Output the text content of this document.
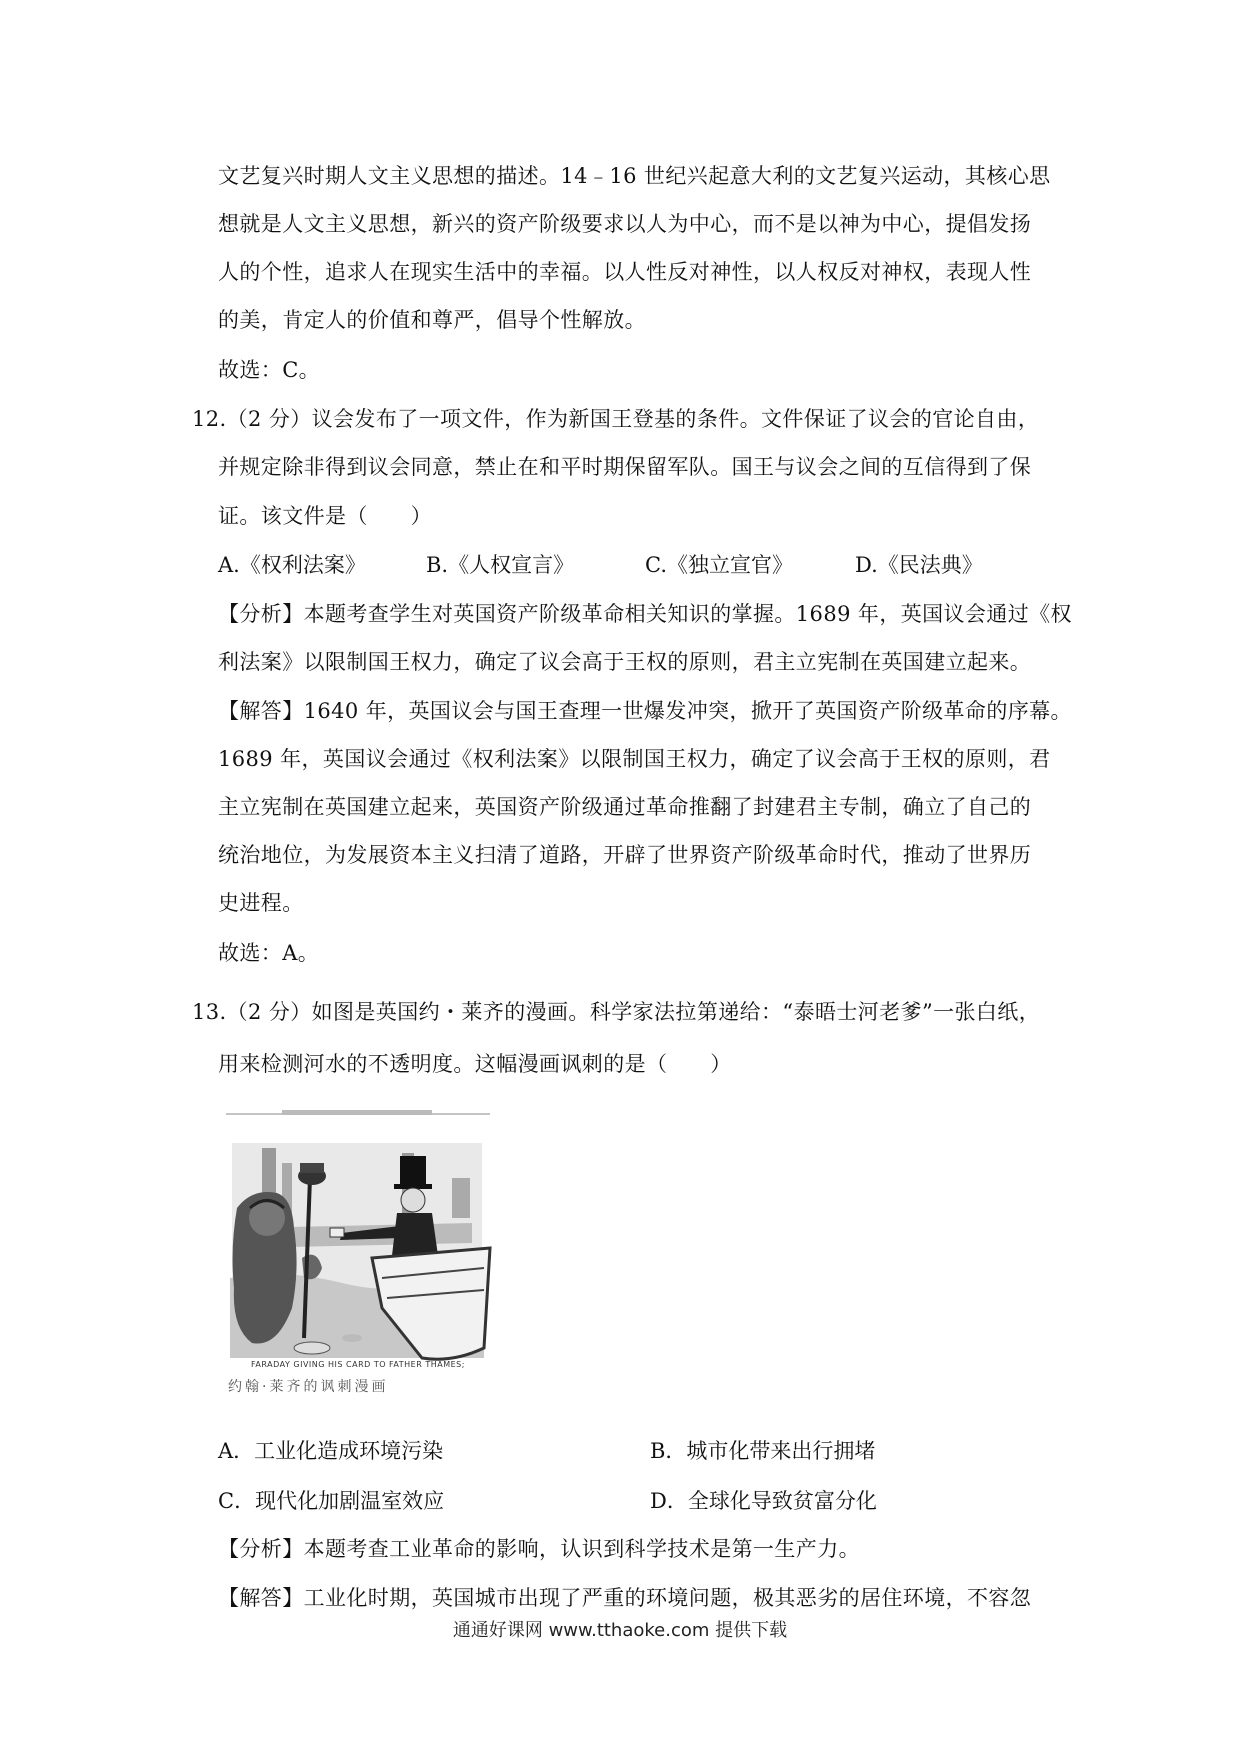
文艺复兴时期人文主义思想的描述。14﹣16 世纪兴起意大利的文艺复兴运动，其核心思
想就是人文主义思想，新兴的资产阶级要求以人为中心，而不是以神为中心，提倡发扬
人的个性，追求人在现实生活中的幸福。以人性反对神性，以人权反对神权，表现人性
的美，肯定人的价值和尊严，倡导个性解放。
故选：C。
12.（2 分）议会发布了一项文件，作为新国王登基的条件。文件保证了议会的官论自由，
并规定除非得到议会同意，禁止在和平时期保留军队。国王与议会之间的互信得到了保
证。该文件是（　　）
A.《权利法案》	B.《人权宣言》	C.《独立宣官》	D.《民法典》
【分析】本题考查学生对英国资产阶级革命相关知识的掌握。1689 年，英国议会通过《权
利法案》以限制国王权力，确定了议会高于王权的原则，君主立宪制在英国建立起来。
【解答】1640 年，英国议会与国王查理一世爆发冲突，掀开了英国资产阶级革命的序幕。
1689 年，英国议会通过《权利法案》以限制国王权力，确定了议会高于王权的原则，君
主立宪制在英国建立起来，英国资产阶级通过革命推翻了封建君主专制，确立了自己的
统治地位，为发展资本主义扫清了道路，开辟了世界资产阶级革命时代，推动了世界历
史进程。
故选：A。
13.（2 分）如图是英国约・莱齐的漫画。科学家法拉第递给：“泰晤士河老爹”一张白纸，
用来检测河水的不透明度。这幅漫画讽刺的是（　　）
FARADAY GIVING HIS CARD TO FATHER THAMES;
约翰·莱齐的讽刺漫画
A．工业化造成环境污染	B．城市化带来出行拥堵
C．现代化加剧温室效应	D．全球化导致贫富分化
【分析】本题考查工业革命的影响，认识到科学技术是第一生产力。
【解答】工业化时期，英国城市出现了严重的环境问题，极其恶劣的居住环境，不容忽
通通好课网 www.tthaoke.com 提供下载
